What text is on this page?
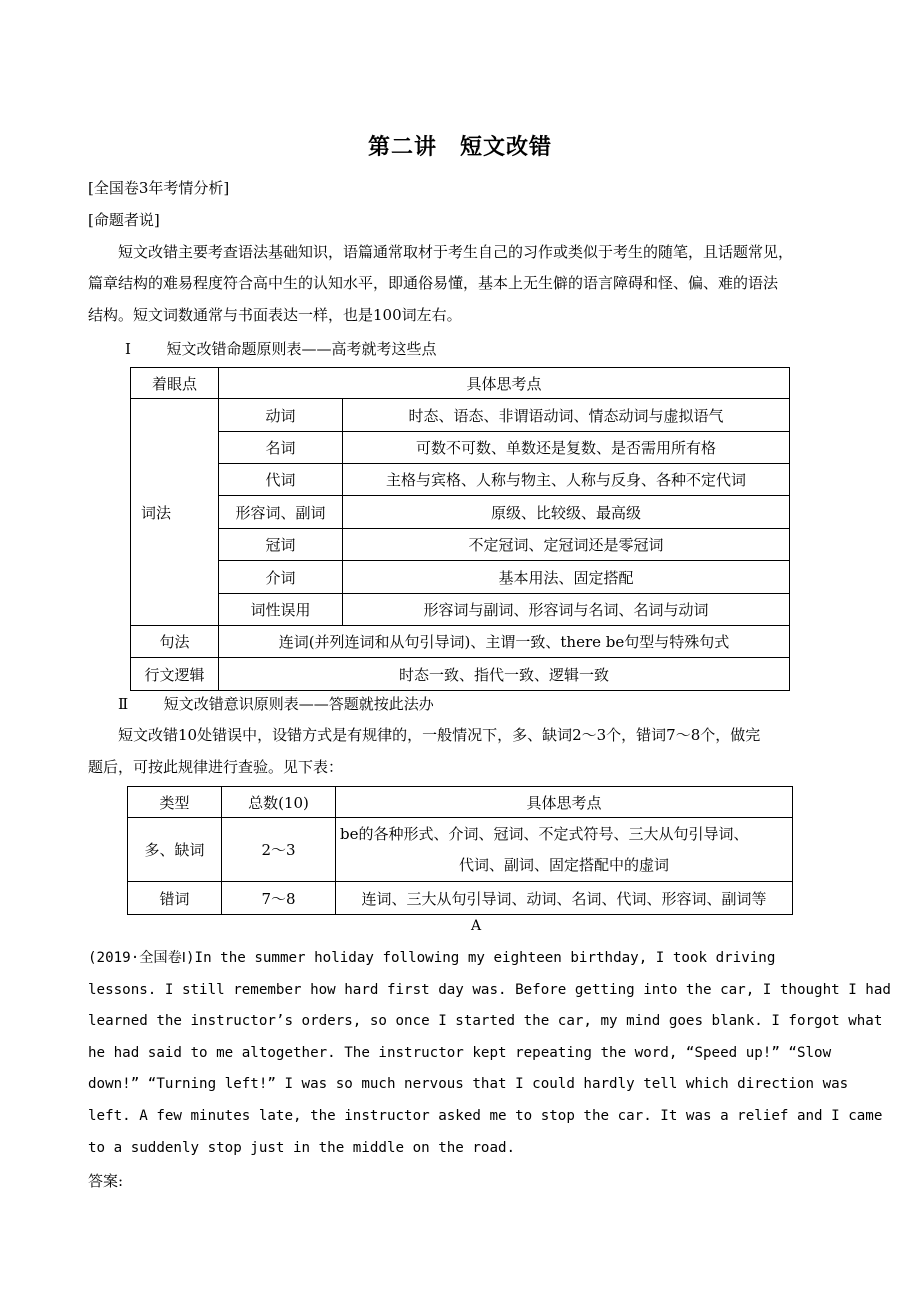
第二讲　短文改错
[全国卷3年考情分析]
[命题者说]
短文改错主要考查语法基础知识，语篇通常取材于考生自己的习作或类似于考生的随笔，且话题常见，
篇章结构的难易程度符合高中生的认知水平，即通俗易懂，基本上无生僻的语言障碍和怪、偏、难的语法
结构。短文词数通常与书面表达一样，也是100词左右。
Ⅰ 短文改错命题原则表——高考就考这些点
着眼点	具体思考点	
词法	动词	时态、语态、非谓语动词、情态动词与虚拟语气
	名词	可数不可数、单数还是复数、是否需用所有格
	代词	主格与宾格、人称与物主、人称与反身、各种不定代词
	形容词、副词	原级、比较级、最高级
	冠词	不定冠词、定冠词还是零冠词
	介词	基本用法、固定搭配
	词性误用	形容词与副词、形容词与名词、名词与动词
句法	连词(并列连词和从句引导词)、主谓一致、there be句型与特殊句式	
行文逻辑	时态一致、指代一致、逻辑一致	
Ⅱ 短文改错意识原则表——答题就按此法办
短文改错10处错误中，设错方式是有规律的，一般情况下，多、缺词2～3个，错词7～8个，做完
题后，可按此规律进行查验。见下表：
类型	总数(10)	具体思考点
多、缺词	2～3	be的各种形式、介词、冠词、不定式符号、三大从句引导词、
代词、副词、固定搭配中的虚词

错词	7～8	连词、三大从句引导词、动词、名词、代词、形容词、副词等
A
(2019·全国卷Ⅰ)In the summer holiday following my eighteen birthday, I took driving
lessons. I still remember how hard first day was. Before getting into the car, I thought I had
learned the instructor’s orders, so once I started the car, my mind goes blank. I forgot what
he had said to me altogether. The instructor kept repeating the word, “Speed up!” “Slow
down!” “Turning left!” I was so much nervous that I could hardly tell which direction was
left. A few minutes late, the instructor asked me to stop the car. It was a relief and I came
to a suddenly stop just in the middle on the road.
答案:
